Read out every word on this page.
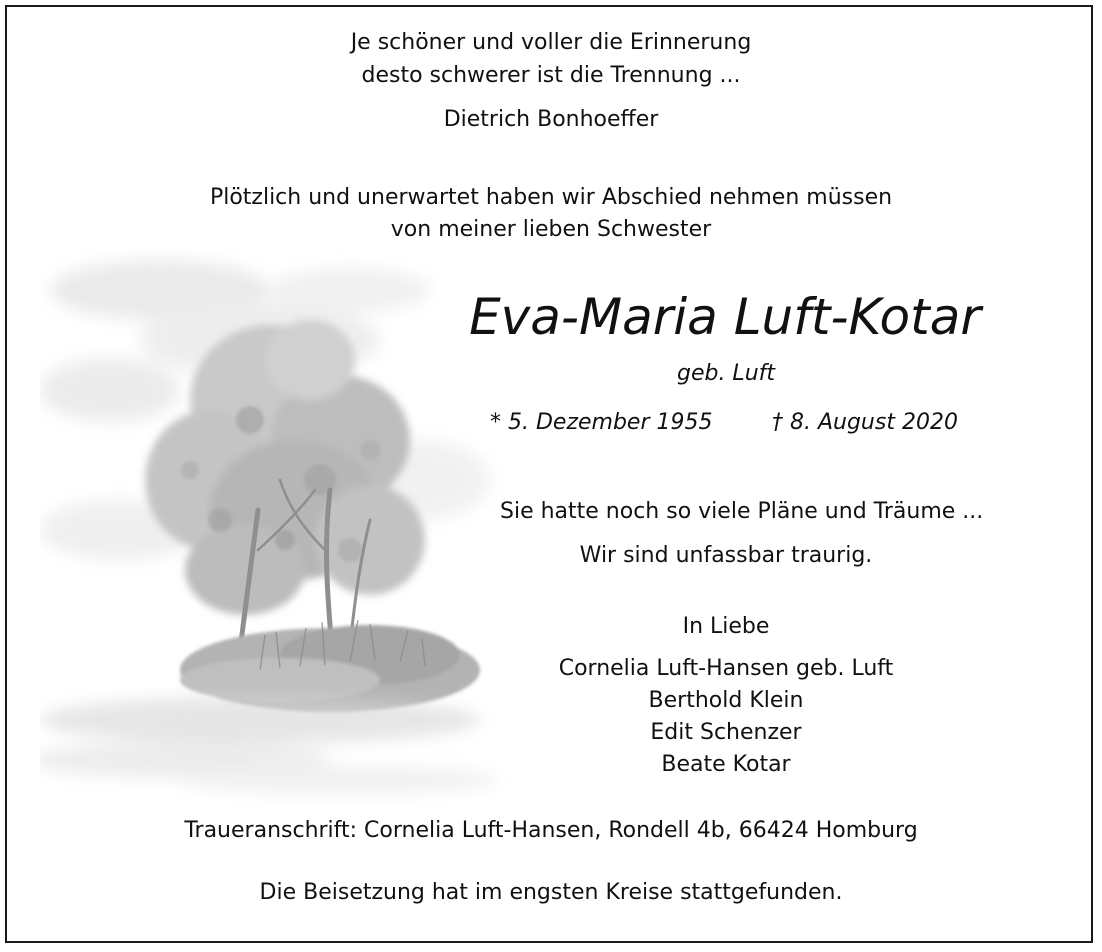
Je schöner und voller die Erinnerung
desto schwerer ist die Trennung ...
Dietrich Bonhoeffer
Plötzlich und unerwartet haben wir Abschied nehmen müssen
von meiner lieben Schwester
Eva-Maria Luft-Kotar
geb. Luft
* 5. Dezember 1955	† 8. August 2020
Sie hatte noch so viele Pläne und Träume ...
Wir sind unfassbar traurig.
In Liebe
Cornelia Luft-Hansen geb. Luft
Berthold Klein
Edit Schenzer
Beate Kotar
Traueranschrift: Cornelia Luft-Hansen, Rondell 4b, 66424 Homburg
Die Beisetzung hat im engsten Kreise stattgefunden.
